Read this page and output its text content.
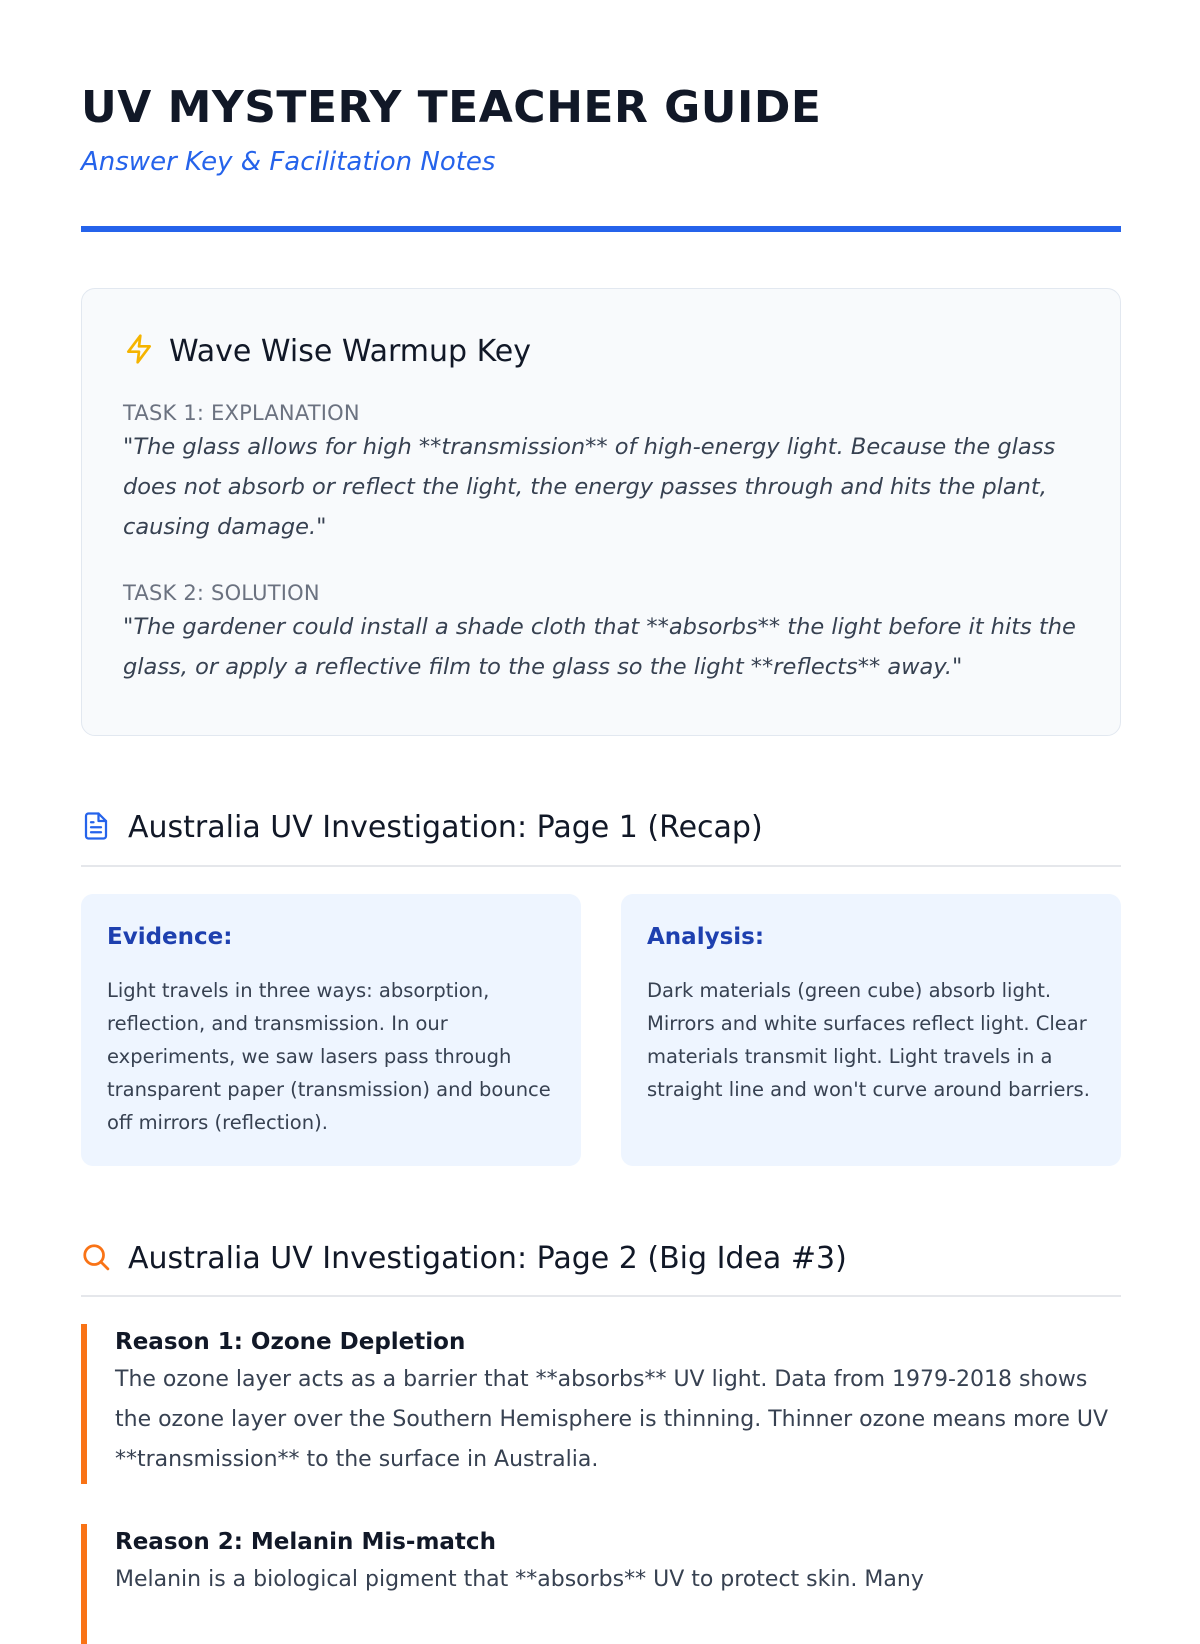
UV MYSTERY TEACHER GUIDE
Answer Key & Facilitation Notes
Wave Wise Warmup Key
TASK 1: EXPLANATION
"The glass allows for high **transmission** of high-energy light. Because the glass does not absorb or reflect the light, the energy passes through and hits the plant, causing damage."
TASK 2: SOLUTION
"The gardener could install a shade cloth that **absorbs** the light before it hits the glass, or apply a reflective film to the glass so the light **reflects** away."
Australia UV Investigation: Page 1 (Recap)
Evidence:
Light travels in three ways: absorption, reflection, and transmission. In our experiments, we saw lasers pass through transparent paper (transmission) and bounce off mirrors (reflection).
Analysis:
Dark materials (green cube) absorb light. Mirrors and white surfaces reflect light. Clear materials transmit light. Light travels in a straight line and won't curve around barriers.
Australia UV Investigation: Page 2 (Big Idea #3)
Reason 1: Ozone Depletion
The ozone layer acts as a barrier that **absorbs** UV light. Data from 1979-2018 shows the ozone layer over the Southern Hemisphere is thinning. Thinner ozone means more UV **transmission** to the surface in Australia.
Reason 2: Melanin Mis-match
Melanin is a biological pigment that **absorbs** UV to protect skin. Many
